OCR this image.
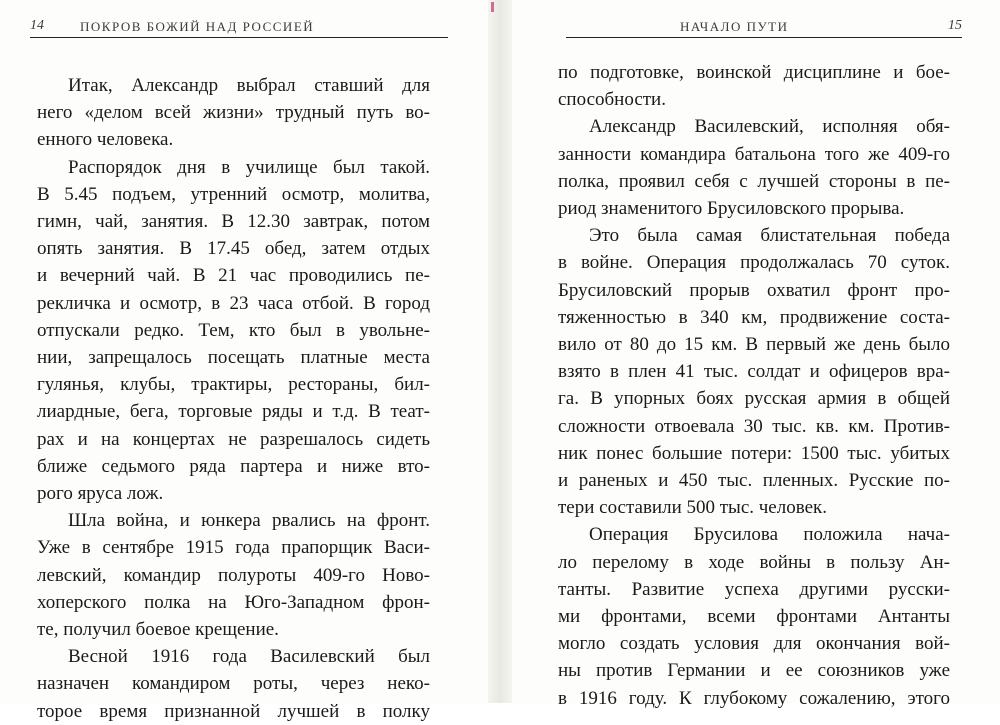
14	ПОКРОВ БОЖИЙ НАД РОССИЕЙ
Итак, Александр выбрал ставший для
него «делом всей жизни» трудный путь во-
енного человека.
Распорядок дня в училище был такой.
В 5.45 подъем, утренний осмотр, молитва,
гимн, чай, занятия. В 12.30 завтрак, потом
опять занятия. В 17.45 обед, затем отдых
и вечерний чай. В 21 час проводились пе-
рекличка и осмотр, в 23 часа отбой. В город
отпускали редко. Тем, кто был в увольне-
нии, запрещалось посещать платные места
гулянья, клубы, трактиры, рестораны, бил-
лиардные, бега, торговые ряды и т.д. В теат-
рах и на концертах не разрешалось сидеть
ближе седьмого ряда партера и ниже вто-
рого яруса лож.
Шла война, и юнкера рвались на фронт.
Уже в сентябре 1915 года прапорщик Васи-
левский, командир полуроты 409-го Ново-
хоперского полка на Юго-Западном фрон-
те, получил боевое крещение.
Весной 1916 года Василевский был
назначен командиром роты, через неко-
торое время признанной лучшей в полку
НАЧАЛО ПУТИ	15
по подготовке, воинской дисциплине и бое-
способности.
Александр Василевский, исполняя обя-
занности командира батальона того же 409-го
полка, проявил себя с лучшей стороны в пе-
риод знаменитого Брусиловского прорыва.
Это была самая блистательная победа
в войне. Операция продолжалась 70 суток.
Брусиловский прорыв охватил фронт про-
тяженностью в 340 км, продвижение соста-
вило от 80 до 15 км. В первый же день было
взято в плен 41 тыс. солдат и офицеров вра-
га. В упорных боях русская армия в общей
сложности отвоевала 30 тыс. кв. км. Против-
ник понес большие потери: 1500 тыс. убитых
и раненых и 450 тыс. пленных. Русские по-
тери составили 500 тыс. человек.
Операция Брусилова положила нача-
ло перелому в ходе войны в пользу Ан-
танты. Развитие успеха другими русски-
ми фронтами, всеми фронтами Антанты
могло создать условия для окончания вой-
ны против Германии и ее союзников уже
в 1916 году. К глубокому сожалению, этого
